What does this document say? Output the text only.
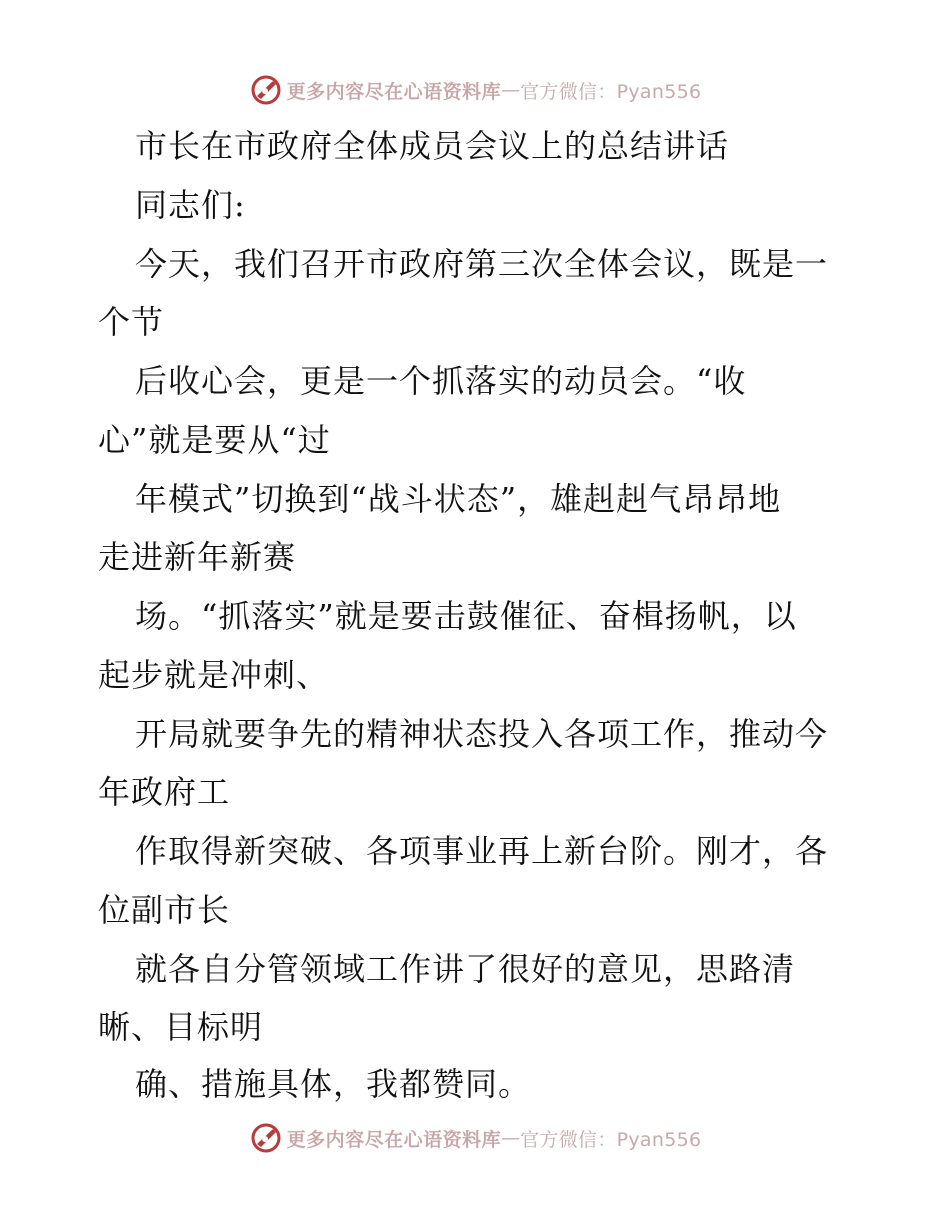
更多内容尽在心语资料库 — 官方微信：Pyan556
市长在市政府全体成员会议上的总结讲话
同志们:
今天，我们召开市政府第三次全体会议，既是一
个节
后收心会，更是一个抓落实的动员会。“收
心”就是要从“过
年模式”切换到“战斗状态”，雄赳赳气昂昂地
走进新年新赛
场。“抓落实”就是要击鼓催征、奋楫扬帆，以
起步就是冲刺、
开局就要争先的精神状态投入各项工作，推动今
年政府工
作取得新突破、各项事业再上新台阶。刚才，各
位副市长
就各自分管领域工作讲了很好的意见，思路清
晰、目标明
确、措施具体，我都赞同。
更多内容尽在心语资料库 — 官方微信：Pyan556
